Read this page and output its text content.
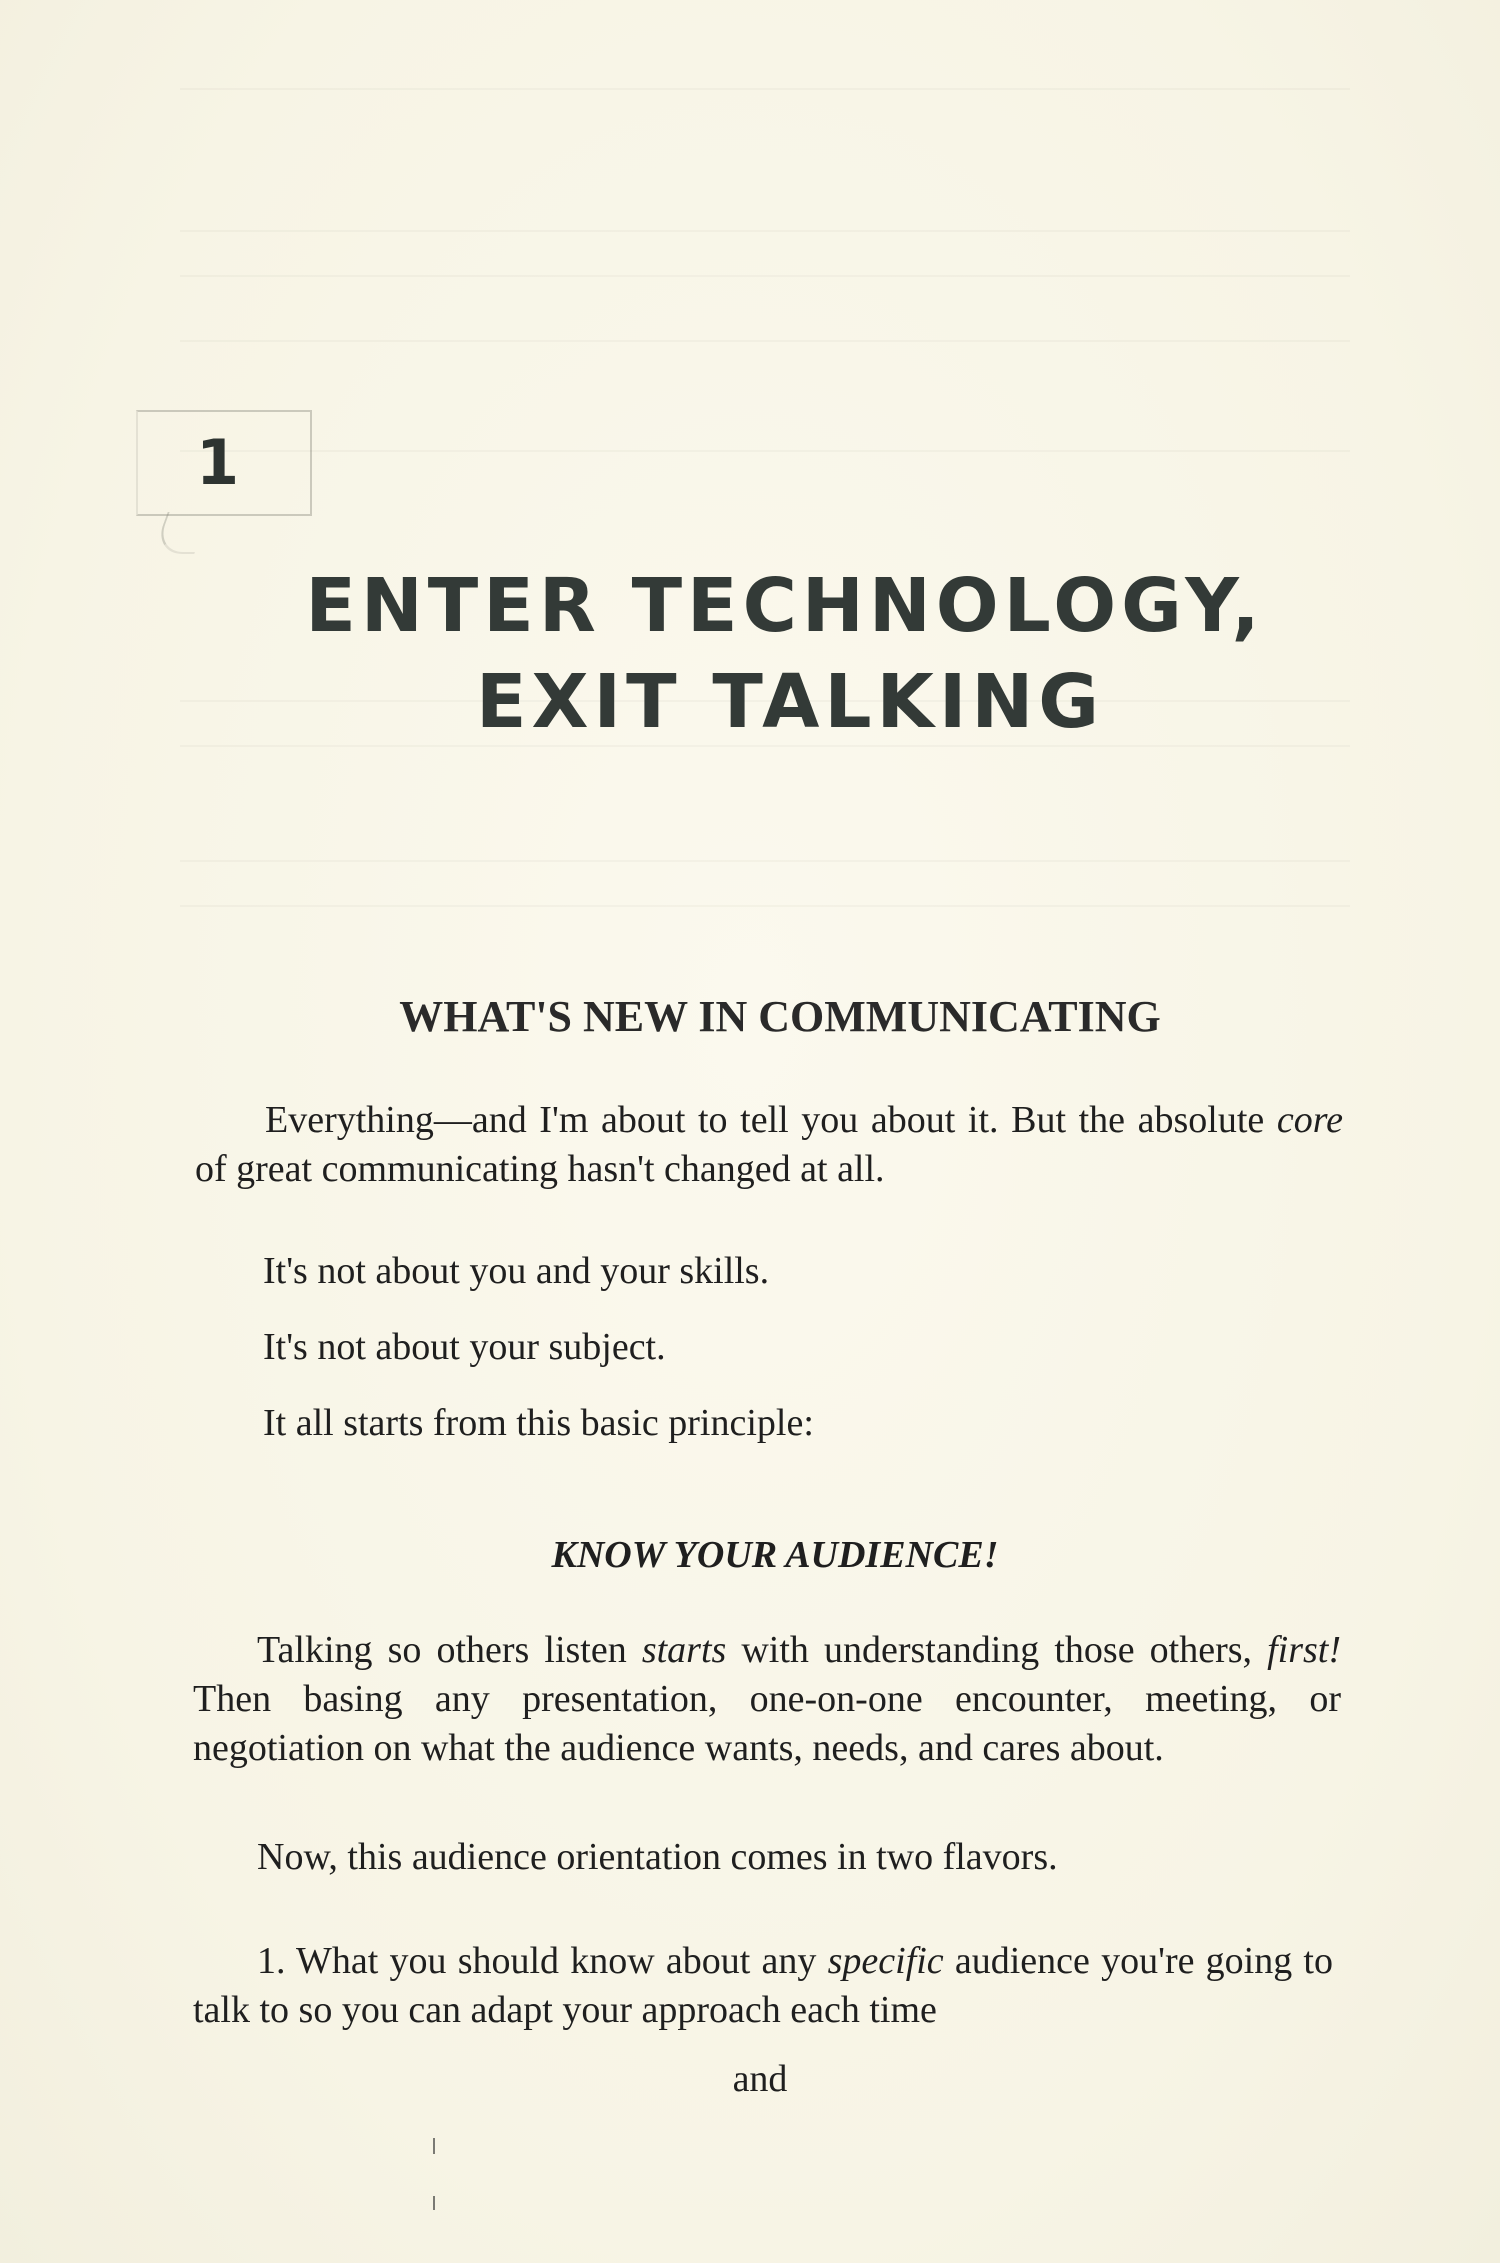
1
ENTER TECHNOLOGY,
EXIT TALKING
WHAT'S NEW IN COMMUNICATING

Everything—and I'm about to tell you about it. But the absolute core of great communicating hasn't changed at all.

It's not about you and your skills.

It's not about your subject.

It all starts from this basic principle:

KNOW YOUR AUDIENCE!

Talking so others listen starts with understanding those others, first! Then basing any presentation, one-on-one encounter, meeting, or negotiation on what the audience wants, needs, and cares about.

Now, this audience orientation comes in two flavors.

1. What you should know about any specific audience you're going to talk to so you can adapt your approach each time

and
